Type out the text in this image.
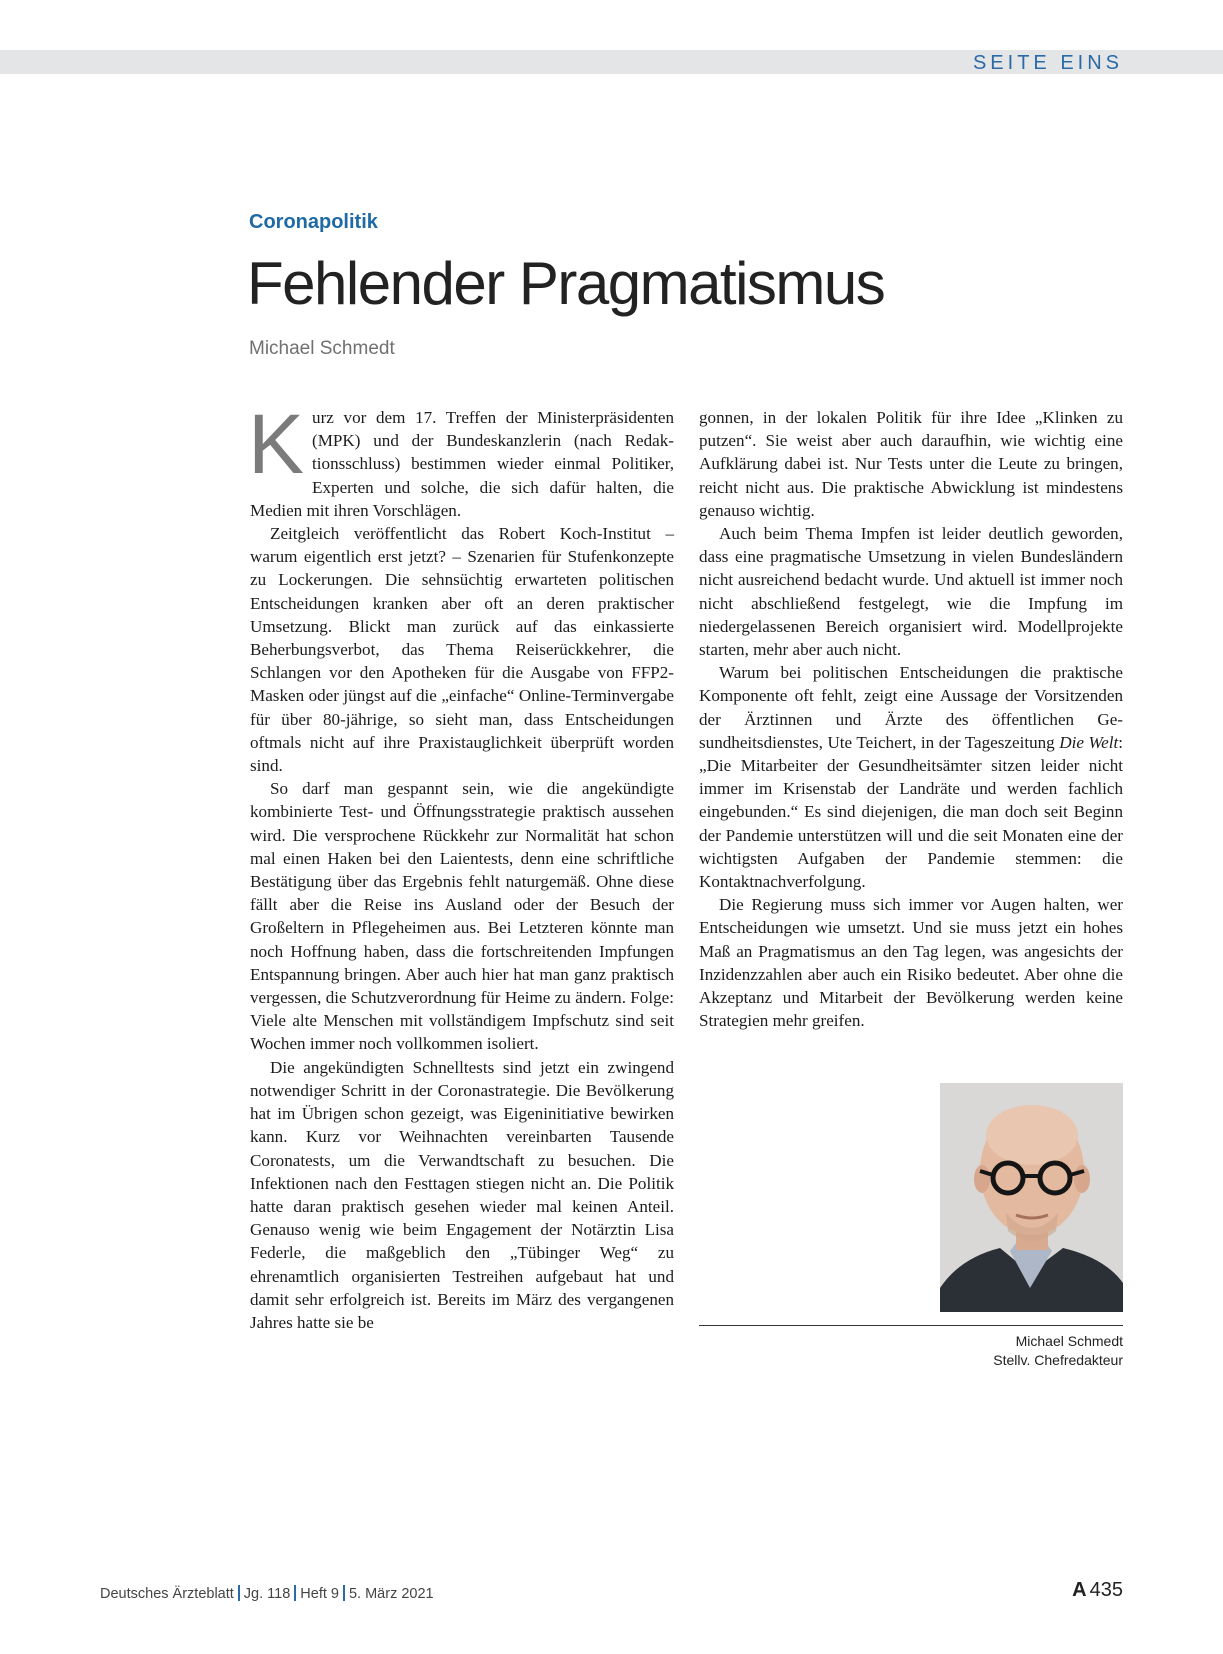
SEITE EINS
Coronapolitik
Fehlender Pragmatismus
Michael Schmedt

Kurz vor dem 17. Treffen der Ministerpräsidenten (MPK) und der Bundeskanzlerin (nach Redaktionsschluss) bestimmen wieder einmal Politiker, Experten und solche, die sich dafür halten, die Medien mit ihren Vorschlägen.

Zeitgleich veröffentlicht das Robert Koch-Institut – warum eigentlich erst jetzt? – Szenarien für Stufenkonzepte zu Lockerungen. Die sehnsüchtig erwarteten politischen Entscheidungen kranken aber oft an deren praktischer Umsetzung. Blickt man zurück auf das einkassierte Beherbungsverbot, das Thema Reiserückkehrer, die Schlangen vor den Apotheken für die Ausgabe von FFP2-Masken oder jüngst auf die „einfache“ Online-Terminvergabe für über 80-jährige, so sieht man, dass Entscheidungen oftmals nicht auf ihre Praxistauglichkeit überprüft worden sind.

So darf man gespannt sein, wie die angekündigte kombinierte Test- und Öffnungsstrategie praktisch aussehen wird. Die versprochene Rückkehr zur Normalität hat schon mal einen Haken bei den Laientests, denn eine schriftliche Bestätigung über das Ergebnis fehlt naturgemäß. Ohne diese fällt aber die Reise ins Ausland oder der Besuch der Großeltern in Pflegeheimen aus. Bei Letzteren könnte man noch Hoffnung haben, dass die fortschreitenden Impfungen Entspannung bringen. Aber auch hier hat man ganz praktisch vergessen, die Schutzverordnung für Heime zu ändern. Folge: Viele alte Menschen mit vollständigem Impfschutz sind seit Wochen immer noch vollkommen isoliert.

Die angekündigten Schnelltests sind jetzt ein zwingend notwendiger Schritt in der Coronastrategie. Die Bevölkerung hat im Übrigen schon gezeigt, was Eigeninitiative bewirken kann. Kurz vor Weihnachten vereinbarten Tausende Coronatests, um die Verwandtschaft zu besuchen. Die Infektionen nach den Festtagen stiegen nicht an. Die Politik hatte daran praktisch gesehen wieder mal keinen Anteil. Genauso wenig wie beim Engagement der Notärztin Lisa Federle, die maßgeblich den „Tübinger Weg“ zu ehrenamtlich organisierten Testreihen aufgebaut hat und damit sehr erfolgreich ist. Bereits im März des vergangenen Jahres hatte sie be

gonnen, in der lokalen Politik für ihre Idee „Klinken zu putzen“. Sie weist aber auch daraufhin, wie wichtig eine Aufklärung dabei ist. Nur Tests unter die Leute zu bringen, reicht nicht aus. Die praktische Abwicklung ist mindestens genauso wichtig.

Auch beim Thema Impfen ist leider deutlich geworden, dass eine pragmatische Umsetzung in vielen Bundesländern nicht ausreichend bedacht wurde. Und aktuell ist immer noch nicht abschließend festgelegt, wie die Impfung im niedergelassenen Bereich organisiert wird. Modellprojekte starten, mehr aber auch nicht.

Warum bei politischen Entscheidungen die praktische Komponente oft fehlt, zeigt eine Aussage der Vorsitzenden der Ärztinnen und Ärzte des öffentlichen Gesundheitsdienstes, Ute Teichert, in der Tageszeitung Die Welt: „Die Mitarbeiter der Gesundheitsämter sitzen leider nicht immer im Krisenstab der Landräte und werden fachlich eingebunden.“ Es sind diejenigen, die man doch seit Beginn der Pandemie unterstützen will und die seit Monaten eine der wichtigsten Aufgaben der Pandemie stemmen: die Kontaktnachverfolgung.

Die Regierung muss sich immer vor Augen halten, wer Entscheidungen wie umsetzt. Und sie muss jetzt ein hohes Maß an Pragmatismus an den Tag legen, was angesichts der Inzidenzzahlen aber auch ein Risiko bedeutet. Aber ohne die Akzeptanz und Mitarbeit der Bevölkerung werden keine Strategien mehr greifen.

Michael Schmedt
Stellv. Chefredakteur
Deutsches Ärzteblatt Jg. 118 Heft 9 5. März 2021	A 435
